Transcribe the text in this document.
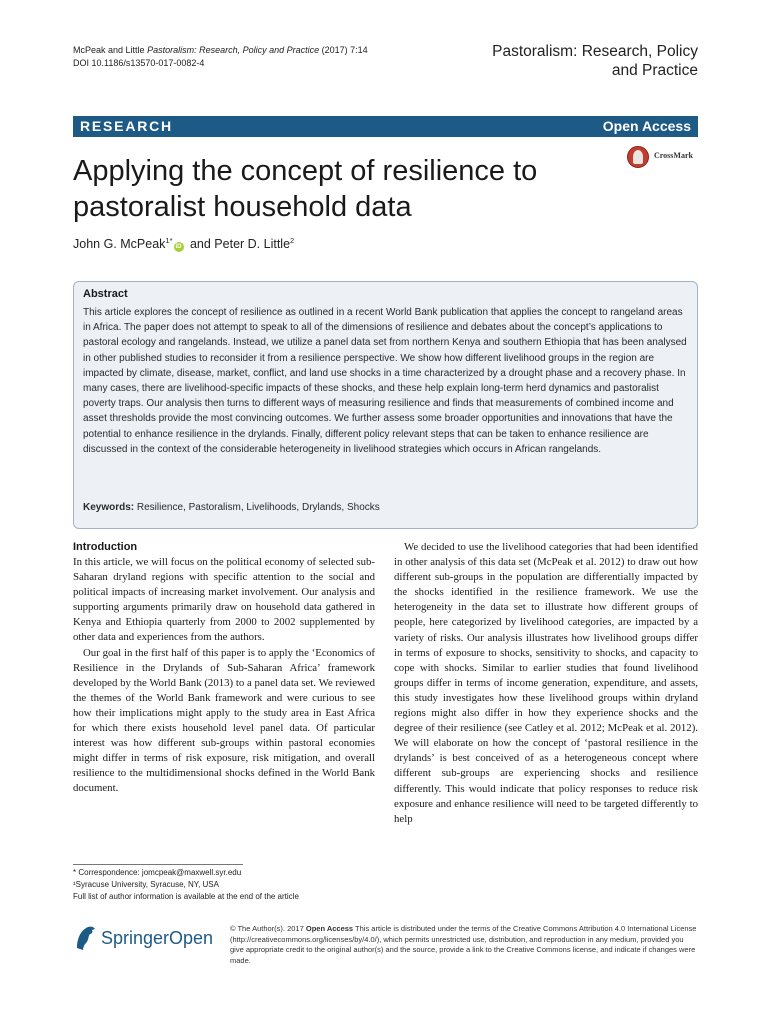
McPeak and Little Pastoralism: Research, Policy and Practice (2017) 7:14
DOI 10.1186/s13570-017-0082-4
Pastoralism: Research, Policy
and Practice
RESEARCH	Open Access
CrossMark
Applying the concept of resilience to pastoralist household data
John G. McPeak$^{1*}$iD and Peter D. Little$^2$
Abstract
This article explores the concept of resilience as outlined in a recent World Bank publication that applies the concept to rangeland areas in Africa. The paper does not attempt to speak to all of the dimensions of resilience and debates about the concept’s applications to pastoral ecology and rangelands. Instead, we utilize a panel data set from northern Kenya and southern Ethiopia that has been analysed in other published studies to reconsider it from a resilience perspective. We show how different livelihood groups in the region are impacted by climate, disease, market, conflict, and land use shocks in a time characterized by a drought phase and a recovery phase. In many cases, there are livelihood-specific impacts of these shocks, and these help explain long-term herd dynamics and pastoralist poverty traps. Our analysis then turns to different ways of measuring resilience and finds that measurements of combined income and asset thresholds provide the most convincing outcomes. We further assess some broader opportunities and innovations that have the potential to enhance resilience in the drylands. Finally, different policy relevant steps that can be taken to enhance resilience are discussed in the context of the considerable heterogeneity in livelihood strategies which occurs in African rangelands.
Keywords: Resilience, Pastoralism, Livelihoods, Drylands, Shocks
Introduction

In this article, we will focus on the political economy of selected sub-Saharan dryland regions with specific attention to the social and political impacts of increasing market involvement. Our analysis and supporting arguments primarily draw on household data gathered in Kenya and Ethiopia quarterly from 2000 to 2002 supplemented by other data and experiences from the authors.

Our goal in the first half of this paper is to apply the ‘Economics of Resilience in the Drylands of Sub-Saharan Africa’ framework developed by the World Bank (2013) to a panel data set. We reviewed the themes of the World Bank framework and were curious to see how their implications might apply to the study area in East Africa for which there exists household level panel data. Of particular interest was how different sub-groups within pastoral economies might differ in terms of risk exposure, risk mitigation, and overall resilience to the multidimensional shocks defined in the World Bank document.

We decided to use the livelihood categories that had been identified in other analysis of this data set (McPeak et al. 2012) to draw out how different sub-groups in the population are differentially impacted by the shocks identified in the resilience framework. We use the heterogeneity in the data set to illustrate how different groups of people, here categorized by livelihood categories, are impacted by a variety of risks. Our analysis illustrates how livelihood groups differ in terms of exposure to shocks, sensitivity to shocks, and capacity to cope with shocks. Similar to earlier studies that found livelihood groups differ in terms of income generation, expenditure, and assets, this study investigates how these livelihood groups within dryland regions might also differ in how they experience shocks and the degree of their resilience (see Catley et al. 2012; McPeak et al. 2012). We will elaborate on how the concept of ‘pastoral resilience in the drylands’ is best conceived of as a heterogeneous concept where different sub-groups are experiencing shocks and resilience differently. This would indicate that policy responses to reduce risk exposure and enhance resilience will need to be targeted differently to help

* Correspondence: jomcpeak@maxwell.syr.edu
¹Syracuse University, Syracuse, NY, USA
Full list of author information is available at the end of the article
SpringerOpen © The Author(s). 2017 Open Access This article is distributed under the terms of the Creative Commons Attribution 4.0 International License (http://creativecommons.org/licenses/by/4.0/), which permits unrestricted use, distribution, and reproduction in any medium, provided you give appropriate credit to the original author(s) and the source, provide a link to the Creative Commons license, and indicate if changes were made.
